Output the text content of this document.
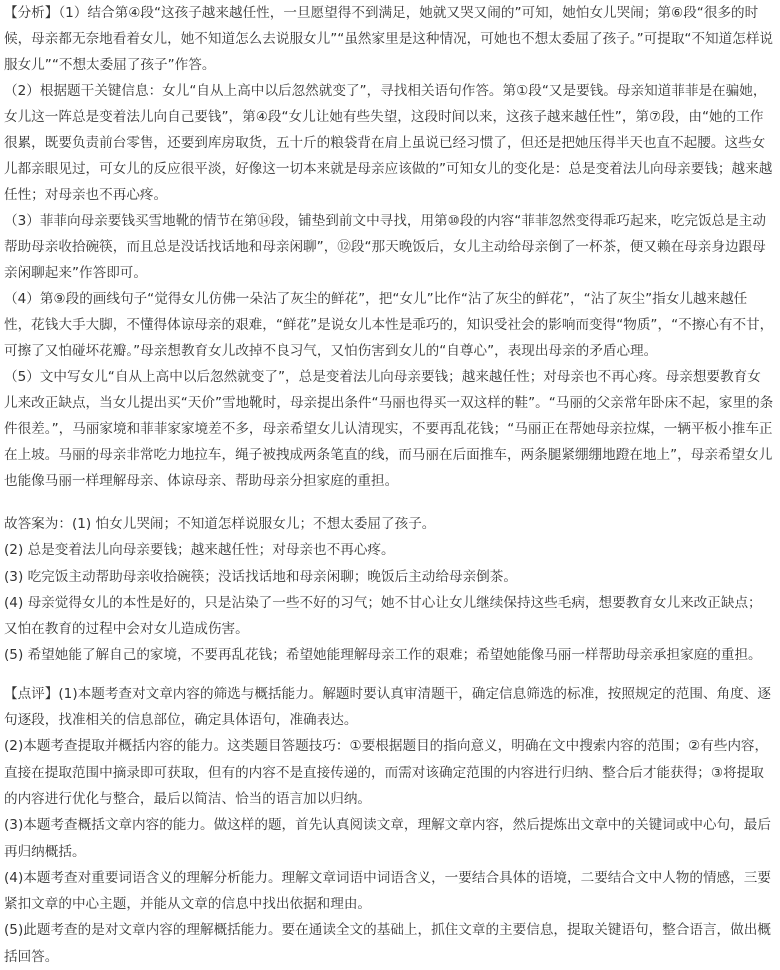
【分析】（1）结合第④段“这孩子越来越任性，一旦愿望得不到满足，她就又哭又闹的”可知，她怕女儿哭闹；第⑥段“很多的时候，母亲都无奈地看着女儿，她不知道怎么去说服女儿”“虽然家里是这种情况，可她也不想太委屈了孩子。”可提取“不知道怎样说服女儿”“不想太委屈了孩子”作答。

（2）根据题干关键信息：女儿“自从上高中以后忽然就变了”，寻找相关语句作答。第①段“又是要钱。母亲知道菲菲是在骗她，女儿这一阵总是变着法儿向自己要钱”，第④段“女儿让她有些失望，这段时间以来，这孩子越来越任性”，第⑦段，由“她的工作很累，既要负责前台零售，还要到库房取货，五十斤的粮袋背在肩上虽说已经习惯了，但还是把她压得半天也直不起腰。这些女儿都亲眼见过，可女儿的反应很平淡，好像这一切本来就是母亲应该做的”可知女儿的变化是：总是变着法儿向母亲要钱；越来越任性；对母亲也不再心疼。

（3）菲菲向母亲要钱买雪地靴的情节在第⑭段，铺垫到前文中寻找，用第⑩段的内容“菲菲忽然变得乖巧起来，吃完饭总是主动帮助母亲收拾碗筷，而且总是没话找话地和母亲闲聊”，⑫段“那天晚饭后，女儿主动给母亲倒了一杯茶，便又赖在母亲身边跟母亲闲聊起来”作答即可。

（4）第⑨段的画线句子“觉得女儿仿佛一朵沾了灰尘的鲜花”，把“女儿”比作“沾了灰尘的鲜花”，“沾了灰尘”指女儿越来越任性，花钱大手大脚，不懂得体谅母亲的艰难，“鲜花”是说女儿本性是乖巧的，知识受社会的影响而变得“物质”，“不擦心有不甘，可擦了又怕碰坏花瓣。”母亲想教育女儿改掉不良习气，又怕伤害到女儿的“自尊心”，表现出母亲的矛盾心理。

（5）文中写女儿“自从上高中以后忽然就变了”，总是变着法儿向母亲要钱；越来越任性；对母亲也不再心疼。母亲想要教育女儿来改正缺点，当女儿提出买“天价”雪地靴时，母亲提出条件“马丽也得买一双这样的鞋”。“马丽的父亲常年卧床不起，家里的条件很差。”，马丽家境和菲菲家家境差不多，母亲希望女儿认清现实，不要再乱花钱；“马丽正在帮她母亲拉煤，一辆平板小推车正在上坡。马丽的母亲非常吃力地拉车，绳子被拽成两条笔直的线，而马丽在后面推车，两条腿紧绷绷地蹬在地上”，母亲希望女儿也能像马丽一样理解母亲、体谅母亲、帮助母亲分担家庭的重担。

故答案为：(1) 怕女儿哭闹；不知道怎样说服女儿；不想太委屈了孩子。

(2) 总是变着法儿向母亲要钱；越来越任性；对母亲也不再心疼。

(3) 吃完饭主动帮助母亲收拾碗筷；没话找话地和母亲闲聊；晚饭后主动给母亲倒茶。

(4) 母亲觉得女儿的本性是好的，只是沾染了一些不好的习气；她不甘心让女儿继续保持这些毛病，想要教育女儿来改正缺点；又怕在教育的过程中会对女儿造成伤害。

(5) 希望她能了解自己的家境，不要再乱花钱；希望她能理解母亲工作的艰难；希望她能像马丽一样帮助母亲承担家庭的重担。

【点评】(1)本题考查对文章内容的筛选与概括能力。解题时要认真审清题干，确定信息筛选的标准，按照规定的范围、角度、逐句逐段，找准相关的信息部位，确定具体语句，准确表达。

(2)本题考查提取并概括内容的能力。这类题目答题技巧：①要根据题目的指向意义，明确在文中搜索内容的范围；②有些内容，直接在提取范围中摘录即可获取，但有的内容不是直接传递的，而需对该确定范围的内容进行归纳、整合后才能获得；③将提取的内容进行优化与整合，最后以简洁、恰当的语言加以归纳。

(3)本题考查概括文章内容的能力。做这样的题，首先认真阅读文章，理解文章内容，然后提炼出文章中的关键词或中心句，最后再归纳概括。

(4)本题考查对重要词语含义的理解分析能力。理解文章词语中词语含义，一要结合具体的语境，二要结合文中人物的情感，三要紧扣文章的中心主题，并能从文章的信息中找出依据和理由。

(5)此题考查的是对文章内容的理解概括能力。要在通读全文的基础上，抓住文章的主要信息，提取关键语句，整合语言，做出概括回答。
